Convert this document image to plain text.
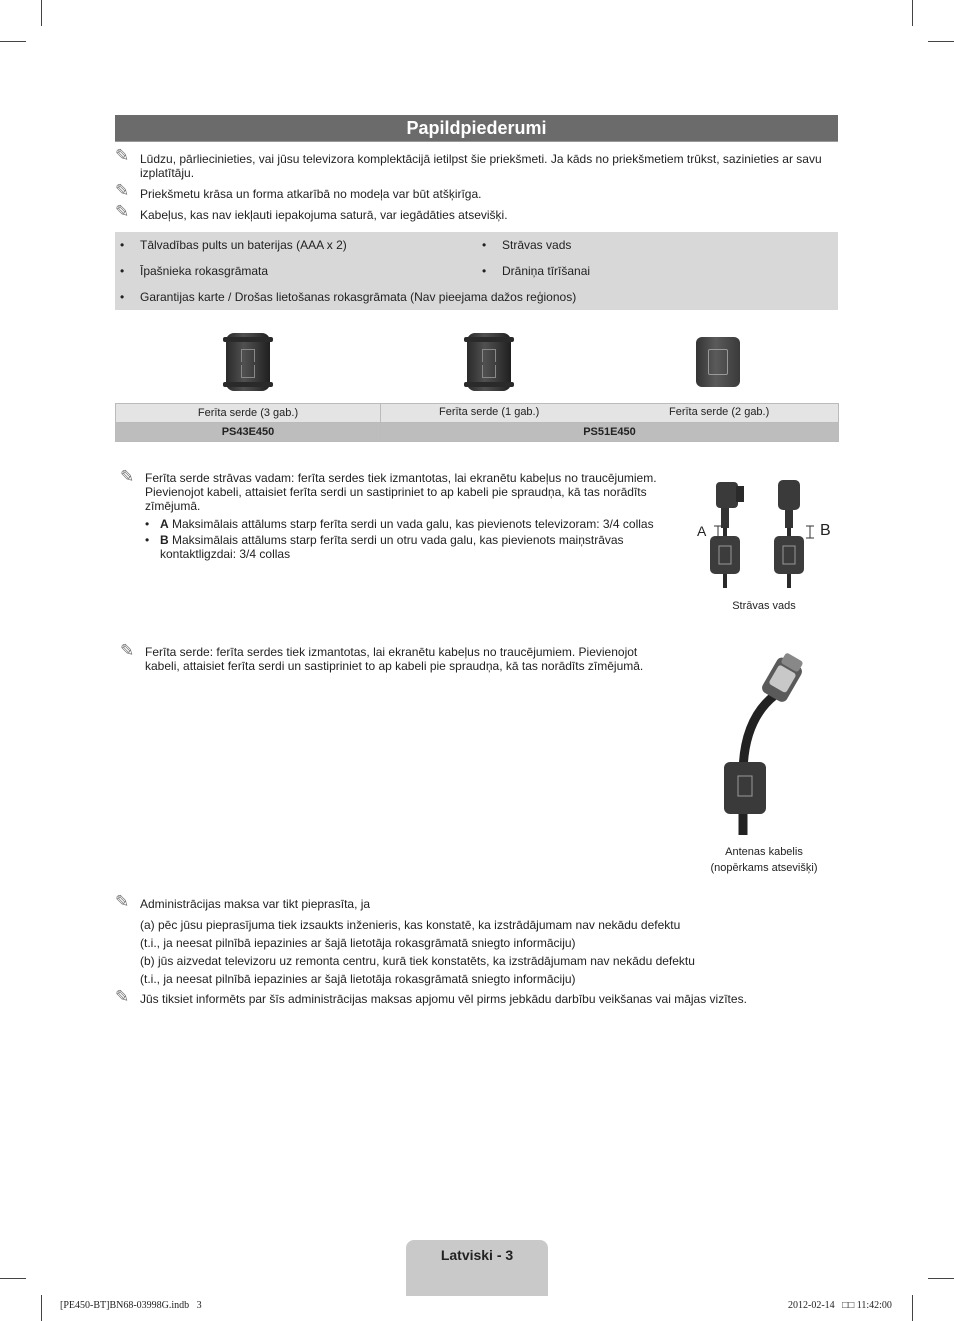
Papildpiederumi
✎ Lūdzu, pārliecinieties, vai jūsu televizora komplektācijā ietilpst šie priekšmeti. Ja kāds no priekšmetiem trūkst, sazinieties ar savu
izplatītāju.
✎ Priekšmetu krāsa un forma atkarībā no modeļa var būt atšķirīga.
✎ Kabeļus, kas nav iekļauti iepakojuma saturā, var iegādāties atsevišķi.
• Tālvadības pults un baterijas (AAA x 2)	• Strāvas vads
• Īpašnieka rokasgrāmata	• Drāniņa tīrīšanai
• Garantijas karte / Drošas lietošanas rokasgrāmata (Nav pieejama dažos reģionos)
Ferīta serde (3 gab.)	Ferīta serde (1 gab.) Ferīta serde (2 gab.)

PS43E450	PS51E450
✎ Ferīta serde strāvas vadam: ferīta serdes tiek izmantotas, lai ekranētu kabeļus no traucējumiem.
Pievienojot kabeli, attaisiet ferīta serdi un sastipriniet to ap kabeli pie spraudņa, kā tas norādīts
zīmējumā.
• A Maksimālais attālums starp ferīta serdi un vada galu, kas pievienots televizoram: 3/4 collas
• B Maksimālais attālums starp ferīta serdi un otru vada galu, kas pievienots maiņstrāvas
kontaktligzdai: 3/4 collas
A	B
Strāvas vads
✎ Ferīta serde: ferīta serdes tiek izmantotas, lai ekranētu kabeļus no traucējumiem. Pievienojot
kabeli, attaisiet ferīta serdi un sastipriniet to ap kabeli pie spraudņa, kā tas norādīts zīmējumā.
Antenas kabelis
(nopērkams atsevišķi)
✎ Administrācijas maksa var tikt pieprasīta, ja
(a) pēc jūsu pieprasījuma tiek izsaukts inženieris, kas konstatē, ka izstrādājumam nav nekādu defektu
(t.i., ja neesat pilnībā iepazinies ar šajā lietotāja rokasgrāmatā sniegto informāciju)
(b) jūs aizvedat televizoru uz remonta centru, kurā tiek konstatēts, ka izstrādājumam nav nekādu defektu
(t.i., ja neesat pilnībā iepazinies ar šajā lietotāja rokasgrāmatā sniegto informāciju)
✎ Jūs tiksiet informēts par šīs administrācijas maksas apjomu vēl pirms jebkādu darbību veikšanas vai mājas vizītes.
Latviski - 3
[PE450-BT]BN68-03998G.indb   3	2012-02-14   □□ 11:42:00
